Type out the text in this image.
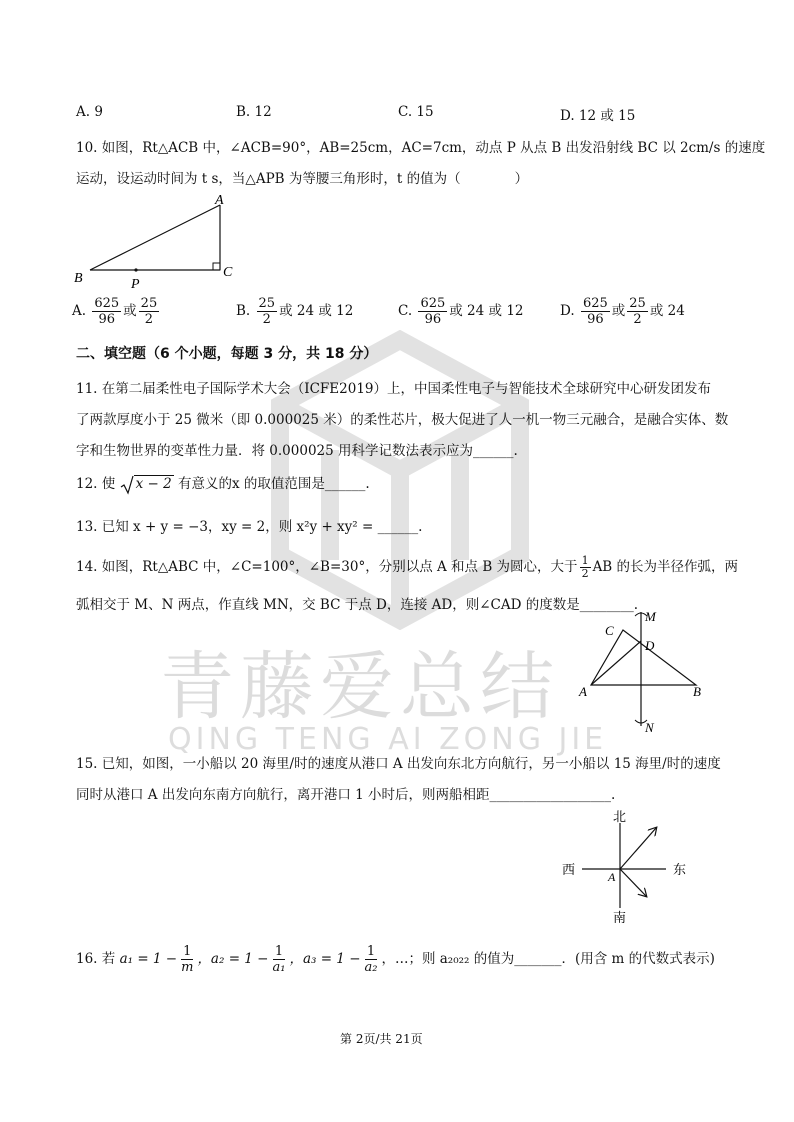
青藤爱总结
QING TENG AI ZONG JIE
A. 9	B. 12	C. 15	D. 12 或 15
10. 如图，Rt△ACB 中，∠ACB=90°，AB=25cm，AC=7cm，动点 P 从点 B 出发沿射线 BC 以 2cm/s 的速度
运动，设运动时间为 t s，当△APB 为等腰三角形时，t 的值为（　　　　）
A
B	C
P
A. $\frac{625}{96}$ 或 $\frac{25}{2}$	B. $\frac{25}{2}$ 或 24 或 12	C. $\frac{625}{96}$ 或 24 或 12	D. $\frac{625}{96}$ 或 $\frac{25}{2}$ 或 24
二、填空题（6 个小题，每题 3 分，共 18 分）
11. 在第二届柔性电子国际学术大会（ICFE2019）上，中国柔性电子与智能技术全球研究中心研发团发布
了两款厚度小于 25 微米（即 0.000025 米）的柔性芯片，极大促进了人一机一物三元融合，是融合实体、数
字和生物世界的变革性力量．将 0.000025 用科学记数法表示应为______.
12. 使 x − 2 有意义的x 的取值范围是______.
13. 已知 x + y = −3，xy = 2，则 x²y + xy² = ______.
14. 如图，Rt△ABC 中，∠C=100°，∠B=30°，分别以点 A 和点 B 为圆心，大于 $\frac{1}{2}$ AB 的长为半径作弧，两
弧相交于 M、N 两点，作直线 MN，交 BC 于点 D，连接 AD，则∠CAD 的度数是________.
M
C
D
A	B
N
15. 已知，如图，一小船以 20 海里/时的速度从港口 A 出发向东北方向航行，另一小船以 15 海里/时的速度
同时从港口 A 出发向东南方向航行，离开港口 1 小时后，则两船相距__________________.
北
南
东
西	A
16. 若 $a_1 = 1 - \frac{1}{m}$ ，$a_2 = 1 - \frac{1}{\text{a₁}}$ ，$a_3 = 1 - \frac{1}{\text{a₂}}$ ，…；则 a₂₀₂₂ 的值为_______．(用含 m 的代数式表示)
第 2页/共 21页
